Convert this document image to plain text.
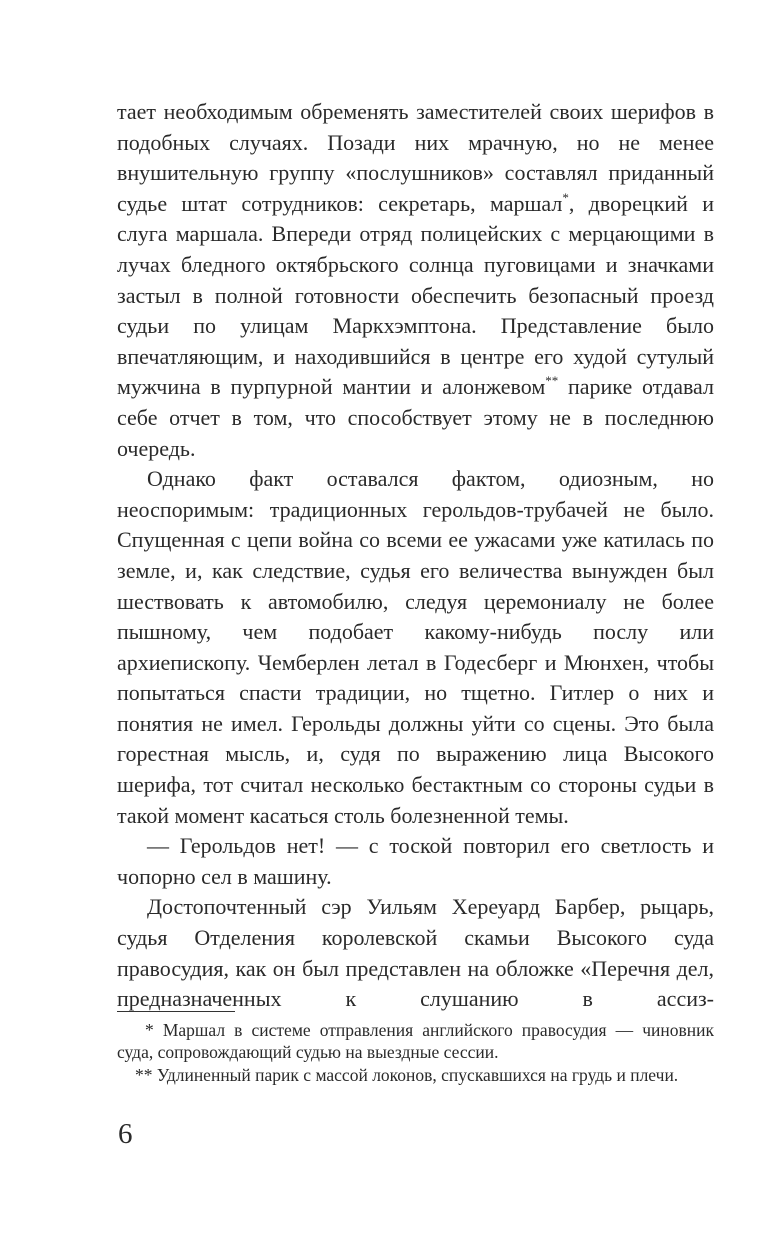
тает необходимым обременять заместителей своих шерифов в подобных случаях. Позади них мрачную, но не менее внушительную группу «послушников» составлял приданный судье штат сотрудников: секретарь, маршал*, дворецкий и слуга маршала. Впереди отряд полицейских с мерцающими в лучах бледного октябрьского солнца пуговицами и значками застыл в полной готовности обеспечить безопасный проезд судьи по улицам Маркхэмптона. Представление было впечатляющим, и находившийся в центре его худой сутулый мужчина в пурпурной мантии и алонжевом** парике отдавал себе отчет в том, что способствует этому не в последнюю очередь.

Однако факт оставался фактом, одиозным, но неоспоримым: традиционных герольдов-трубачей не было. Спущенная с цепи война со всеми ее ужасами уже катилась по земле, и, как следствие, судья его величества вынужден был шествовать к автомобилю, следуя церемониалу не более пышному, чем подобает какому-нибудь послу или архиепископу. Чемберлен летал в Годесберг и Мюнхен, чтобы попытаться спасти традиции, но тщетно. Гитлер о них и понятия не имел. Герольды должны уйти со сцены. Это была горестная мысль, и, судя по выражению лица Высокого шерифа, тот считал несколько бестактным со стороны судьи в такой момент касаться столь болезненной темы.

— Герольдов нет! — с тоской повторил его светлость и чопорно сел в машину.

Достопочтенный сэр Уильям Хереуард Барбер, рыцарь, судья Отделения королевской скамьи Высокого суда правосудия, как он был представлен на обложке «Перечня дел, предназначенных к слушанию в ассиз-

* Маршал в системе отправления английского правосудия — чиновник суда, сопровождающий судью на выездные сессии.

** Удлиненный парик с массой локонов, спускавшихся на грудь и плечи.

6
